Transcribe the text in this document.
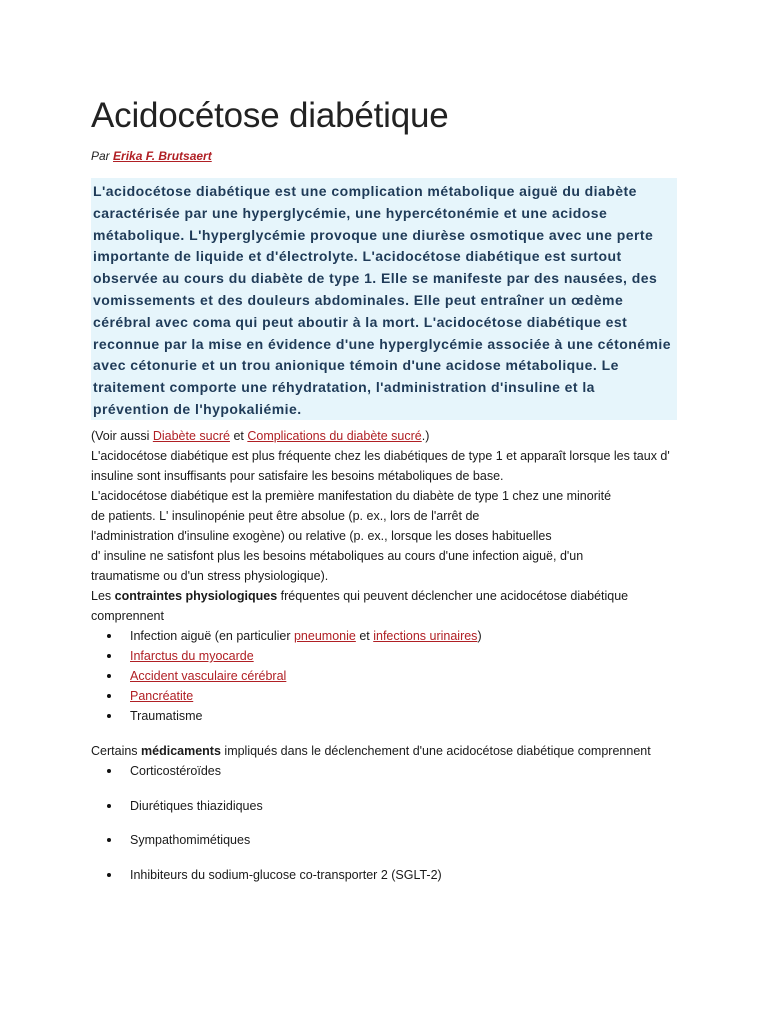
Acidocétose diabétique
Par Erika F. Brutsaert
L'acidocétose diabétique est une complication métabolique aiguë du diabète caractérisée par une hyperglycémie, une hypercétonémie et une acidose métabolique. L'hyperglycémie provoque une diurèse osmotique avec une perte importante de liquide et d'électrolyte. L'acidocétose diabétique est surtout observée au cours du diabète de type 1. Elle se manifeste par des nausées, des vomissements et des douleurs abdominales. Elle peut entraîner un œdème cérébral avec coma qui peut aboutir à la mort. L'acidocétose diabétique est reconnue par la mise en évidence d'une hyperglycémie associée à une cétonémie avec cétonurie et un trou anionique témoin d'une acidose métabolique. Le traitement comporte une réhydratation, l'administration d'insuline et la prévention de l'hypokaliémie.

(Voir aussi Diabète sucré et Complications du diabète sucré.)

L'acidocétose diabétique est plus fréquente chez les diabétiques de type 1 et apparaît lorsque les taux d' insuline sont insuffisants pour satisfaire les besoins métaboliques de base.

L'acidocétose diabétique est la première manifestation du diabète de type 1 chez une minorité
de patients. L' insulinopénie peut être absolue (p. ex., lors de l'arrêt de
l'administration d'insuline exogène) ou relative (p. ex., lorsque les doses habituelles
d' insuline ne satisfont plus les besoins métaboliques au cours d'une infection aiguë, d'un
traumatisme ou d'un stress physiologique).

Les contraintes physiologiques fréquentes qui peuvent déclencher une acidocétose diabétique comprennent

Infection aiguë (en particulier pneumonie et infections urinaires)
Infarctus du myocarde
Accident vasculaire cérébral
Pancréatite
Traumatisme

Certains médicaments impliqués dans le déclenchement d'une acidocétose diabétique comprennent

Corticostéroïdes
Diurétiques thiazidiques
Sympathomimétiques
Inhibiteurs du sodium-glucose co-transporter 2 (SGLT-2)
